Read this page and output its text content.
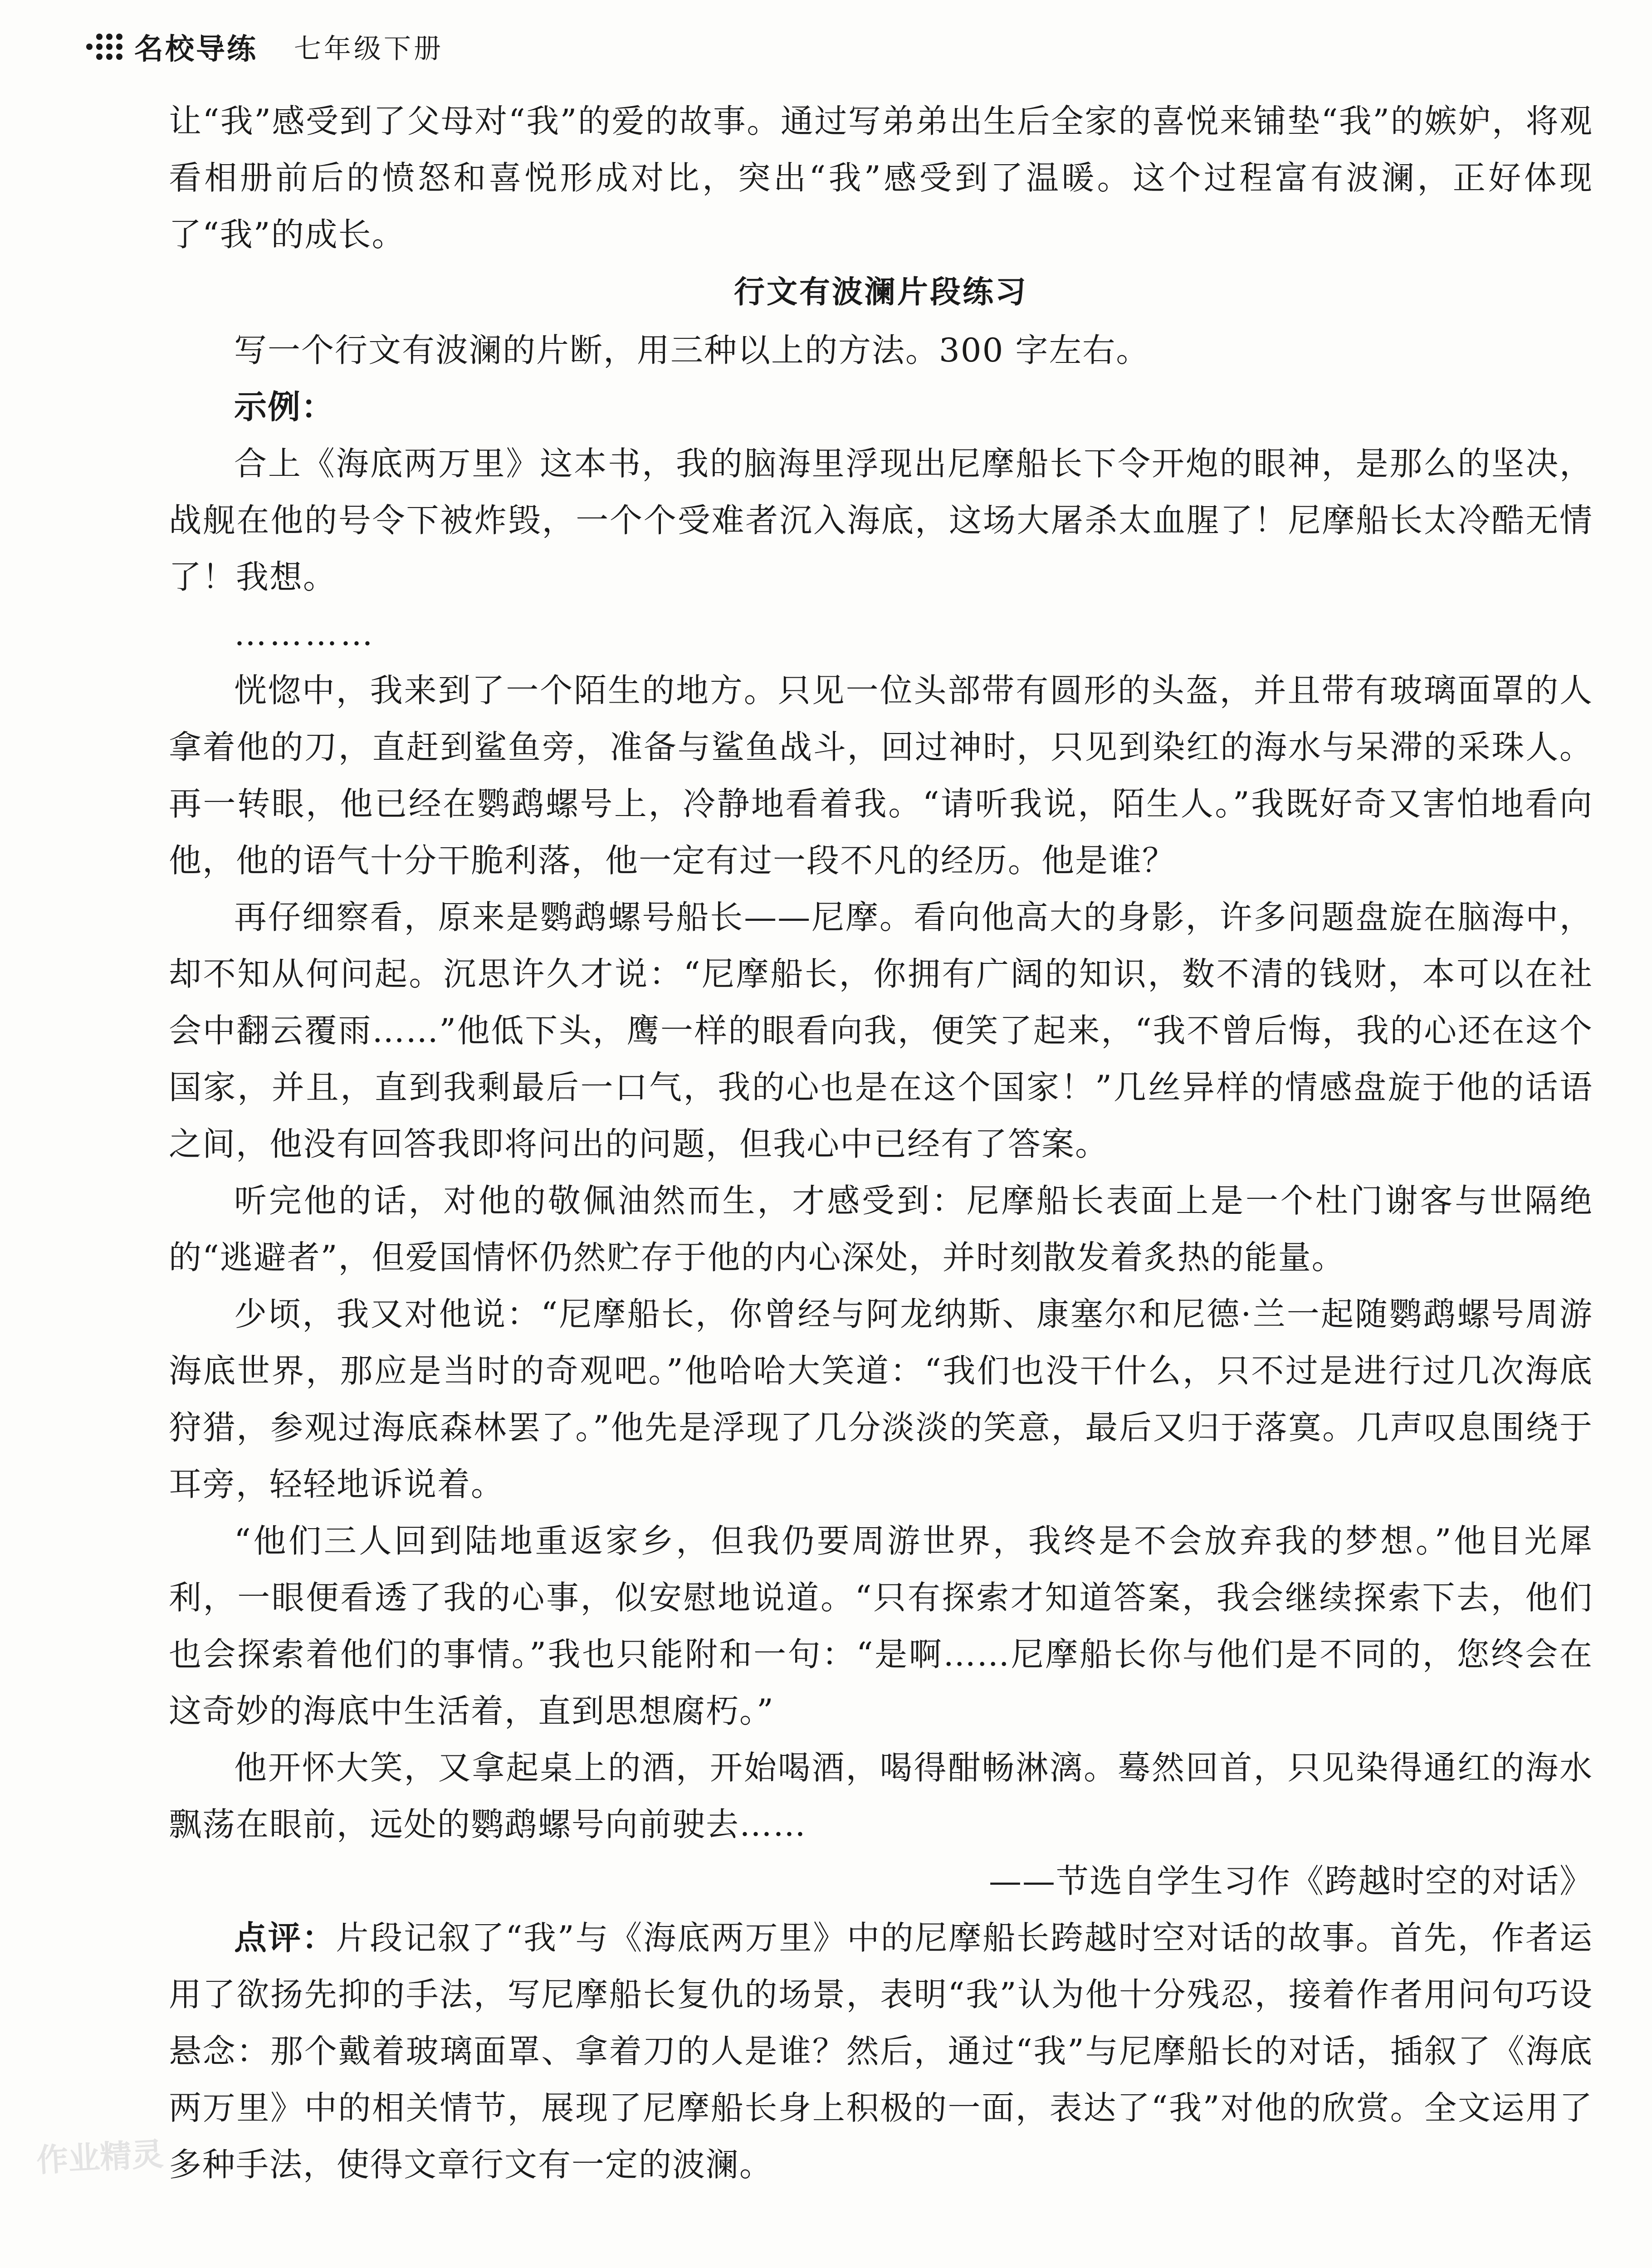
名校导练 七年级下册

让“我”感受到了父母对“我”的爱的故事。通过写弟弟出生后全家的喜悦来铺垫“我”的嫉妒，将观看相册前后的愤怒和喜悦形成对比，突出“我”感受到了温暖。这个过程富有波澜，正好体现了“我”的成长。

行文有波澜片段练习

写一个行文有波澜的片断，用三种以上的方法。300 字左右。

示例：

合上《海底两万里》这本书，我的脑海里浮现出尼摩船长下令开炮的眼神，是那么的坚决，战舰在他的号令下被炸毁，一个个受难者沉入海底，这场大屠杀太血腥了！尼摩船长太冷酷无情了！我想。

…………

恍惚中，我来到了一个陌生的地方。只见一位头部带有圆形的头盔，并且带有玻璃面罩的人拿着他的刀，直赶到鲨鱼旁，准备与鲨鱼战斗，回过神时，只见到染红的海水与呆滞的采珠人。再一转眼，他已经在鹦鹉螺号上，冷静地看着我。“请听我说，陌生人。”我既好奇又害怕地看向他，他的语气十分干脆利落，他一定有过一段不凡的经历。他是谁？

再仔细察看，原来是鹦鹉螺号船长——尼摩。看向他高大的身影，许多问题盘旋在脑海中，却不知从何问起。沉思许久才说：“尼摩船长，你拥有广阔的知识，数不清的钱财，本可以在社会中翻云覆雨……”他低下头，鹰一样的眼看向我，便笑了起来，“我不曾后悔，我的心还在这个国家，并且，直到我剩最后一口气，我的心也是在这个国家！”几丝异样的情感盘旋于他的话语之间，他没有回答我即将问出的问题，但我心中已经有了答案。

听完他的话，对他的敬佩油然而生，才感受到：尼摩船长表面上是一个杜门谢客与世隔绝的“逃避者”，但爱国情怀仍然贮存于他的内心深处，并时刻散发着炙热的能量。

少顷，我又对他说：“尼摩船长，你曾经与阿龙纳斯、康塞尔和尼德·兰一起随鹦鹉螺号周游海底世界，那应是当时的奇观吧。”他哈哈大笑道：“我们也没干什么，只不过是进行过几次海底狩猎，参观过海底森林罢了。”他先是浮现了几分淡淡的笑意，最后又归于落寞。几声叹息围绕于耳旁，轻轻地诉说着。

“他们三人回到陆地重返家乡，但我仍要周游世界，我终是不会放弃我的梦想。”他目光犀利，一眼便看透了我的心事，似安慰地说道。“只有探索才知道答案，我会继续探索下去，他们也会探索着他们的事情。”我也只能附和一句：“是啊……尼摩船长你与他们是不同的，您终会在这奇妙的海底中生活着，直到思想腐朽。”

他开怀大笑，又拿起桌上的酒，开始喝酒，喝得酣畅淋漓。蓦然回首，只见染得通红的海水飘荡在眼前，远处的鹦鹉螺号向前驶去……

——节选自学生习作《跨越时空的对话》

点评：片段记叙了“我”与《海底两万里》中的尼摩船长跨越时空对话的故事。首先，作者运用了欲扬先抑的手法，写尼摩船长复仇的场景，表明“我”认为他十分残忍，接着作者用问句巧设悬念：那个戴着玻璃面罩、拿着刀的人是谁？然后，通过“我”与尼摩船长的对话，插叙了《海底两万里》中的相关情节，展现了尼摩船长身上积极的一面，表达了“我”对他的欣赏。全文运用了多种手法，使得文章行文有一定的波澜。

作业精灵
